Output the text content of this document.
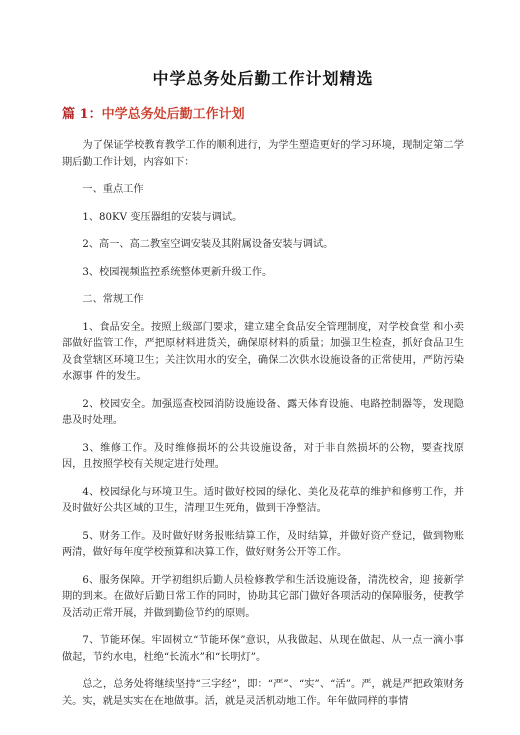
中学总务处后勤工作计划精选
篇 1：中学总务处后勤工作计划

为了保证学校教育教学工作的顺利进行，为学生塑造更好的学习环境，现制定第二学期后勤工作计划，内容如下：

一、重点工作

1、80KV 变压器组的安装与调试。

2、高一、高二教室空调安装及其附属设备安装与调试。

3、校园视频监控系统整体更新升级工作。

二、常规工作

1、食品安全。按照上级部门要求，建立建全食品安全管理制度，对学校食堂 和小卖部做好监管工作，严把原材料进货关，确保原材料的质量；加强卫生检查，抓好食品卫生 及食堂辖区环境卫生；关注饮用水的安全，确保二次供水设施设备的正常使用，严防污染水源事 件的发生。

2、校园安全。加强巡查校园消防设施设备、露天体育设施、电路控制器等，发现隐患及时处理。

3、维修工作。及时维修损坏的公共设施设备，对于非自然损坏的公物，要查找原因，且按照学校有关规定进行处理。

4、校园绿化与环境卫生。适时做好校园的绿化、美化及花草的维护和修剪工作，并及时做好公共区域的卫生，清理卫生死角，做到干净整洁。

5、财务工作。及时做好财务报账结算工作，及时结算，并做好资产登记，做到物账两清，做好每年度学校预算和决算工作，做好财务公开等工作。

6、服务保障。开学初组织后勤人员检修教学和生活设施设备，清洗校舍，迎 接新学期的到来。在做好后勤日常工作的同时，协助其它部门做好各项活动的保障服务，使教学 及活动正常开展，并做到勤俭节约的原则。

7、节能环保。牢固树立“节能环保”意识，从我做起、从现在做起、从一点一滴小事做起，节约水电，杜绝“长流水”和“长明灯”。

总之，总务处将继续坚持“三字经”，即：“严”、“实”、“活”。严，就是严把政策财务关。实，就是实实在在地做事。活，就是灵活机动地工作。年年做同样的事情
